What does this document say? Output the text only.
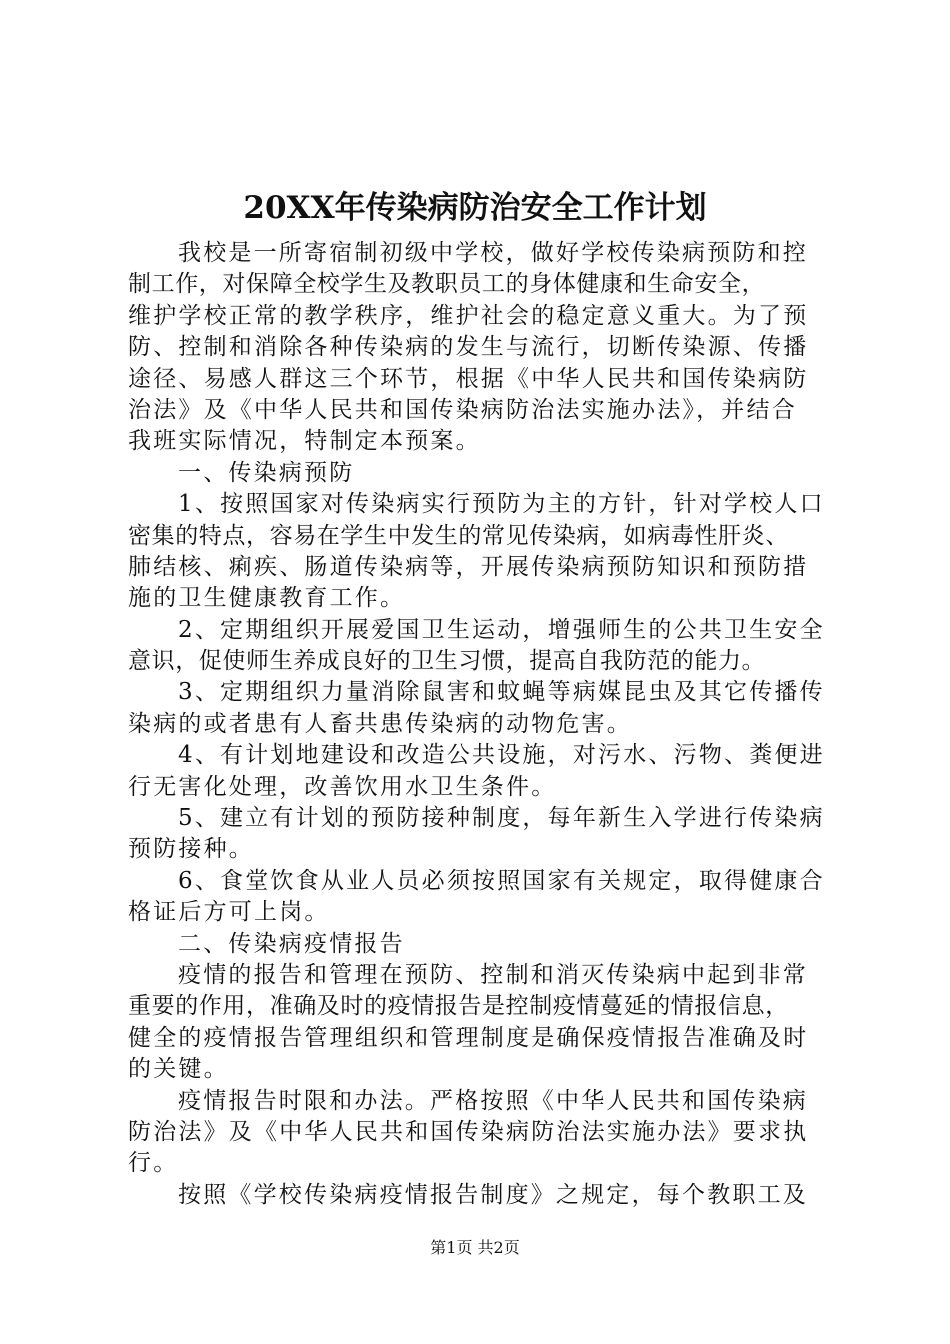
20XX年传染病防治安全工作计划
我校是一所寄宿制初级中学校，做好学校传染病预防和控
制工作，对保障全校学生及教职员工的身体健康和生命安全，
维护学校正常的教学秩序，维护社会的稳定意义重大。为了预
防、控制和消除各种传染病的发生与流行，切断传染源、传播
途径、易感人群这三个环节，根据《中华人民共和国传染病防
治法》及《中华人民共和国传染病防治法实施办法》，并结合
我班实际情况，特制定本预案。
一、传染病预防
1、按照国家对传染病实行预防为主的方针，针对学校人口
密集的特点，容易在学生中发生的常见传染病，如病毒性肝炎、
肺结核、痢疾、肠道传染病等，开展传染病预防知识和预防措
施的卫生健康教育工作。
2、定期组织开展爱国卫生运动，增强师生的公共卫生安全
意识，促使师生养成良好的卫生习惯，提高自我防范的能力。
3、定期组织力量消除鼠害和蚊蝇等病媒昆虫及其它传播传
染病的或者患有人畜共患传染病的动物危害。
4、有计划地建设和改造公共设施，对污水、污物、粪便进
行无害化处理，改善饮用水卫生条件。
5、建立有计划的预防接种制度，每年新生入学进行传染病
预防接种。
6、食堂饮食从业人员必须按照国家有关规定，取得健康合
格证后方可上岗。
二、传染病疫情报告
疫情的报告和管理在预防、控制和消灭传染病中起到非常
重要的作用，准确及时的疫情报告是控制疫情蔓延的情报信息，
健全的疫情报告管理组织和管理制度是确保疫情报告准确及时
的关键。
疫情报告时限和办法。严格按照《中华人民共和国传染病
防治法》及《中华人民共和国传染病防治法实施办法》要求执
行。
按照《学校传染病疫情报告制度》之规定，每个教职工及
第1页 共2页
